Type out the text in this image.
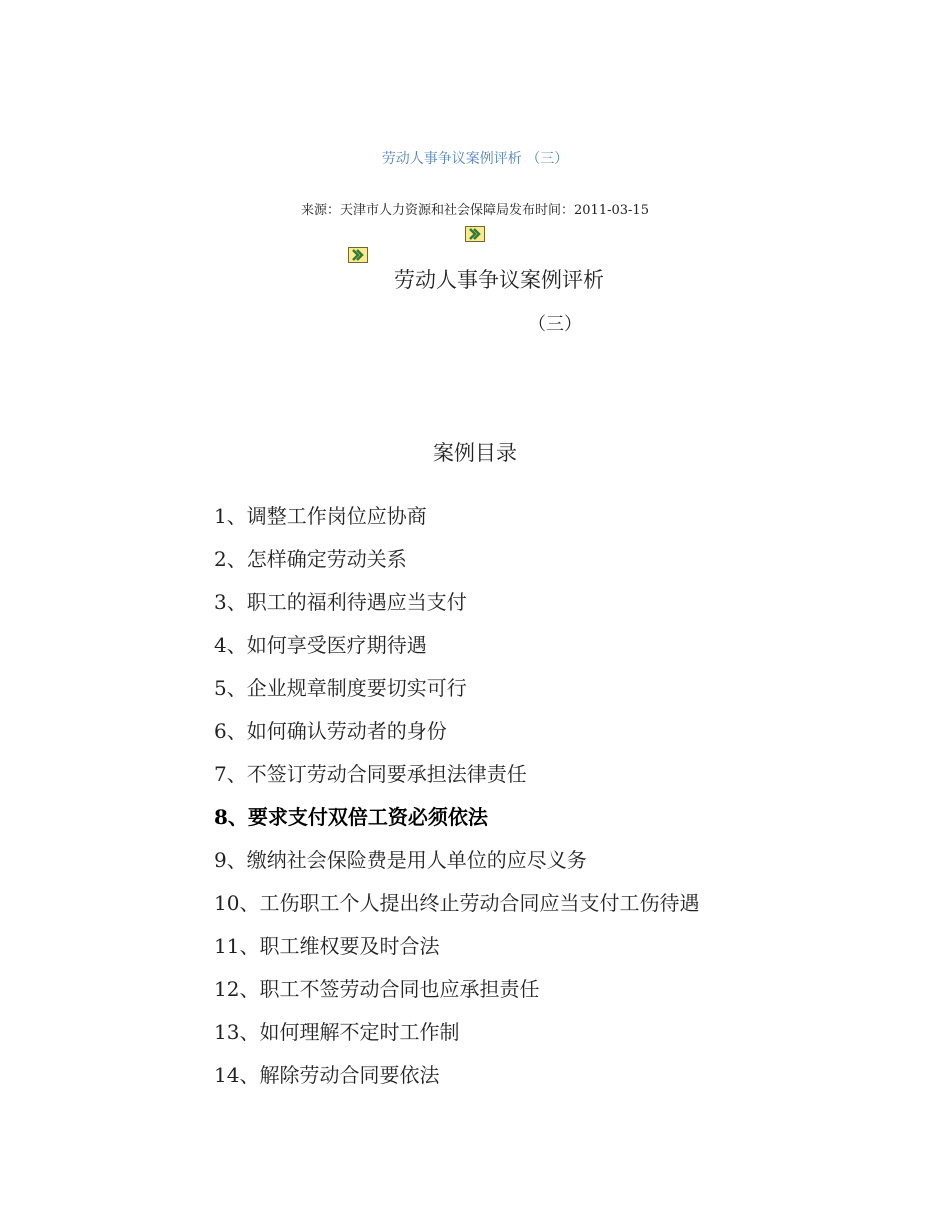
劳动人事争议案例评析 （三）
来源：天津市人力资源和社会保障局发布时间：2011-03-15
劳动人事争议案例评析
（三）
案例目录
1、调整工作岗位应协商
2、怎样确定劳动关系
3、职工的福利待遇应当支付
4、如何享受医疗期待遇
5、企业规章制度要切实可行
6、如何确认劳动者的身份
7、不签订劳动合同要承担法律责任
8、要求支付双倍工资必须依法
9、缴纳社会保险费是用人单位的应尽义务
10、工伤职工个人提出终止劳动合同应当支付工伤待遇
11、职工维权要及时合法
12、职工不签劳动合同也应承担责任
13、如何理解不定时工作制
14、解除劳动合同要依法
